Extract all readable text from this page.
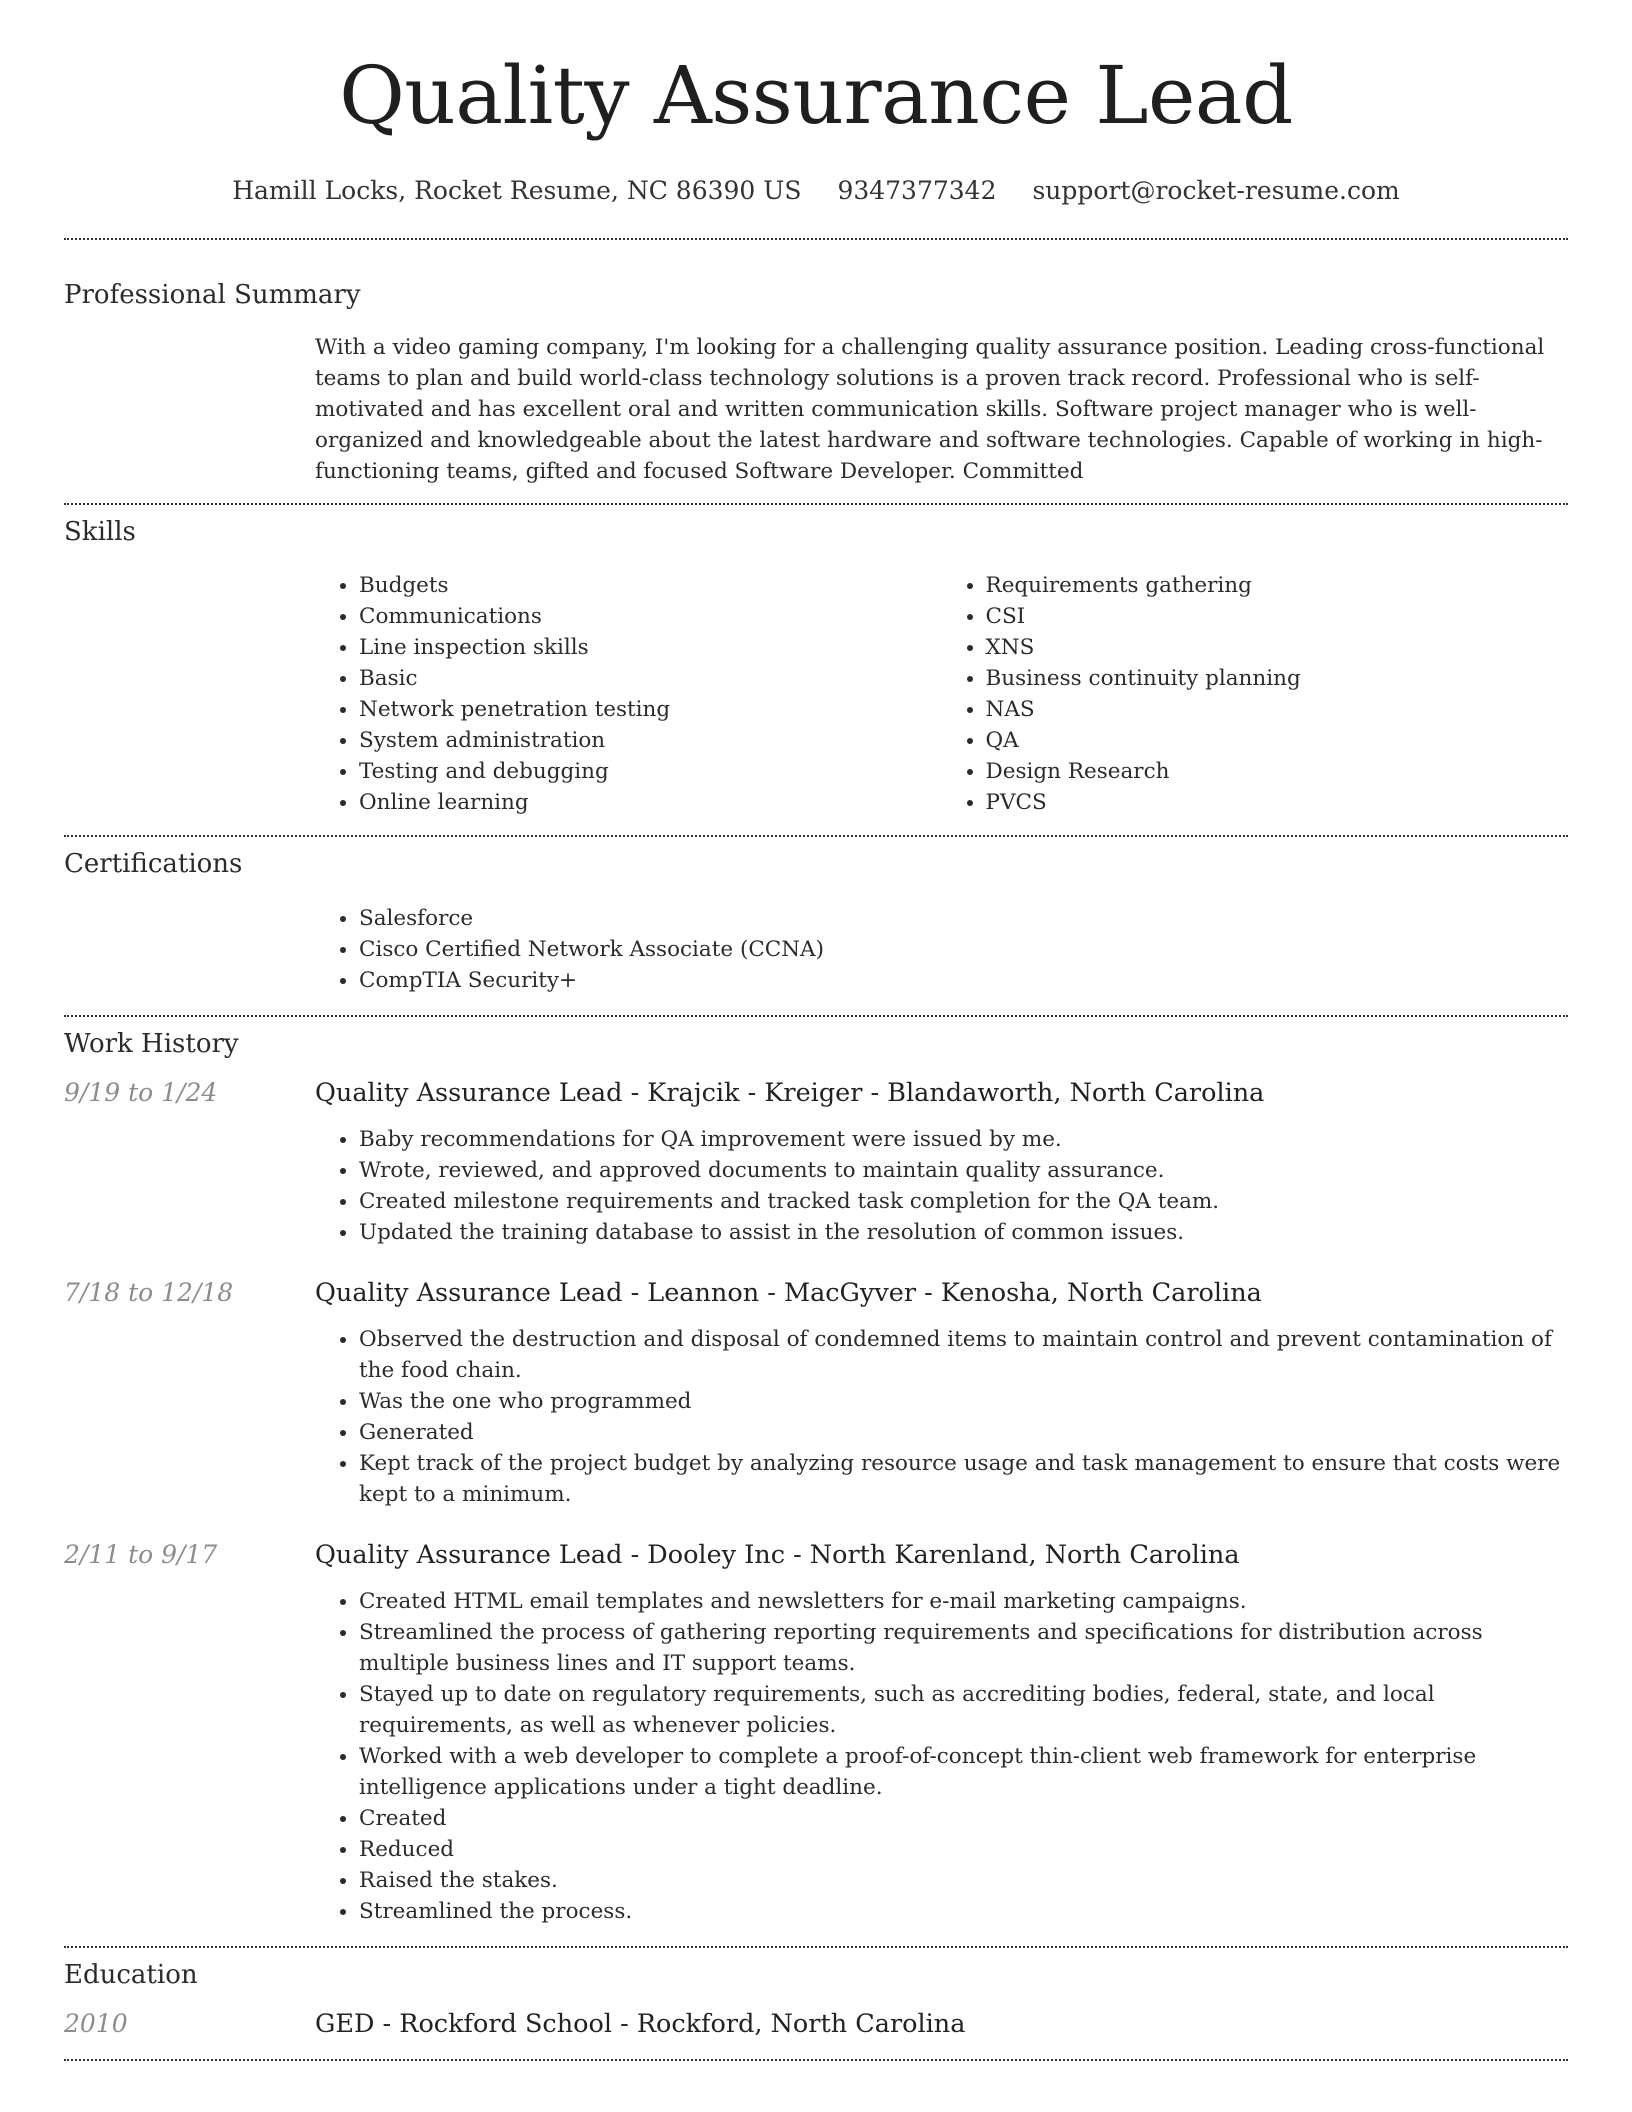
Quality Assurance Lead
Hamill Locks, Rocket Resume, NC 86390 US 9347377342 support@rocket-resume.com
Professional Summary

With a video gaming company, I'm looking for a challenging quality assurance position. Leading cross-functional teams to plan and build world-class technology solutions is a proven track record. Professional who is self-motivated and has excellent oral and written communication skills. Software project manager who is well-organized and knowledgeable about the latest hardware and software technologies. Capable of working in high-functioning teams, gifted and focused Software Developer. Committed

Skills
• Budgets
• Communications
• Line inspection skills
• Basic
• Network penetration testing
• System administration
• Testing and debugging
• Online learning
• Requirements gathering
• CSI
• XNS
• Business continuity planning
• NAS
• QA
• Design Research
• PVCS
Certifications
• Salesforce
• Cisco Certified Network Associate (CCNA)
• CompTIA Security+
Work History
9/19 to 1/24	Quality Assurance Lead - Krajcik - Kreiger - Blandaworth, North Carolina
• Baby recommendations for QA improvement were issued by me.
• Wrote, reviewed, and approved documents to maintain quality assurance.
• Created milestone requirements and tracked task completion for the QA team.
• Updated the training database to assist in the resolution of common issues.
7/18 to 12/18	Quality Assurance Lead - Leannon - MacGyver - Kenosha, North Carolina
• Observed the destruction and disposal of condemned items to maintain control and prevent contamination of the food chain.
• Was the one who programmed
• Generated
• Kept track of the project budget by analyzing resource usage and task management to ensure that costs were kept to a minimum.
2/11 to 9/17	Quality Assurance Lead - Dooley Inc - North Karenland, North Carolina
• Created HTML email templates and newsletters for e-mail marketing campaigns.
• Streamlined the process of gathering reporting requirements and specifications for distribution across multiple business lines and IT support teams.
• Stayed up to date on regulatory requirements, such as accrediting bodies, federal, state, and local requirements, as well as whenever policies.
• Worked with a web developer to complete a proof-of-concept thin-client web framework for enterprise intelligence applications under a tight deadline.
• Created
• Reduced
• Raised the stakes.
• Streamlined the process.
Education
2010	GED - Rockford School - Rockford, North Carolina
